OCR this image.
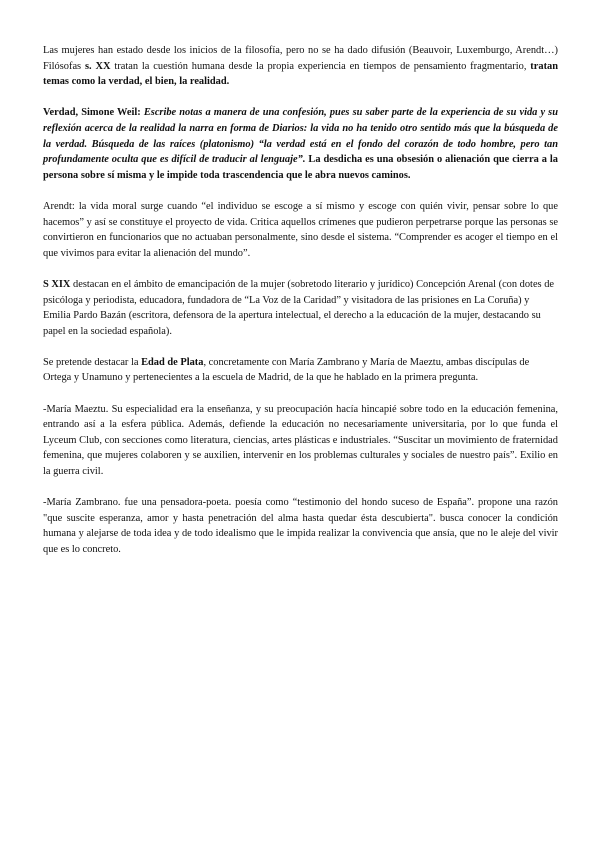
Las mujeres han estado desde los inicios de la filosofía, pero no se ha dado difusión (Beauvoir, Luxemburgo, Arendt…) Filósofas s. XX tratan la cuestión humana desde la propia experiencia en tiempos de pensamiento fragmentario, tratan temas como la verdad, el bien, la realidad.

Verdad, Simone Weil: Escribe notas a manera de una confesión, pues su saber parte de la experiencia de su vida y su reflexión acerca de la realidad la narra en forma de Diarios: la vida no ha tenido otro sentido más que la búsqueda de la verdad. Búsqueda de las raíces (platonismo) “la verdad está en el fondo del corazón de todo hombre, pero tan profundamente oculta que es difícil de traducir al lenguaje”. La desdicha es una obsesión o alienación que cierra a la persona sobre sí misma y le impide toda trascendencia que le abra nuevos caminos.

Arendt: la vida moral surge cuando “el individuo se escoge a sí mismo y escoge con quién vivir, pensar sobre lo que hacemos” y así se constituye el proyecto de vida. Critica aquellos crímenes que pudieron perpetrarse porque las personas se convirtieron en funcionarios que no actuaban personalmente, sino desde el sistema. “Comprender es acoger el tiempo en el que vivimos para evitar la alienación del mundo”.

S XIX destacan en el ámbito de emancipación de la mujer (sobretodo literario y jurídico) Concepción Arenal (con dotes de psicóloga y periodista, educadora, fundadora de “La Voz de la Caridad” y visitadora de las prisiones en La Coruña) y Emilia Pardo Bazán (escritora, defensora de la apertura intelectual, el derecho a la educación de la mujer, destacando su papel en la sociedad española).

Se pretende destacar la Edad de Plata, concretamente con María Zambrano y María de Maeztu, ambas discípulas de Ortega y Unamuno y pertenecientes a la escuela de Madrid, de la que he hablado en la primera pregunta.

-María Maeztu. Su especialidad era la enseñanza, y su preocupación hacía hincapié sobre todo en la educación femenina, entrando así a la esfera pública. Además, defiende la educación no necesariamente universitaria, por lo que funda el Lyceum Club, con secciones como literatura, ciencias, artes plásticas e industriales. “Suscitar un movimiento de fraternidad femenina, que mujeres colaboren y se auxilien, intervenir en los problemas culturales y sociales de nuestro país”. Exilio en la guerra civil.

-María Zambrano. fue una pensadora-poeta. poesía como “testimonio del hondo suceso de España”. propone una razón "que suscite esperanza, amor y hasta penetración del alma hasta quedar ésta descubierta". busca conocer la condición humana y alejarse de toda idea y de todo idealismo que le impida realizar la convivencia que ansía, que no le aleje del vivir que es lo concreto.
